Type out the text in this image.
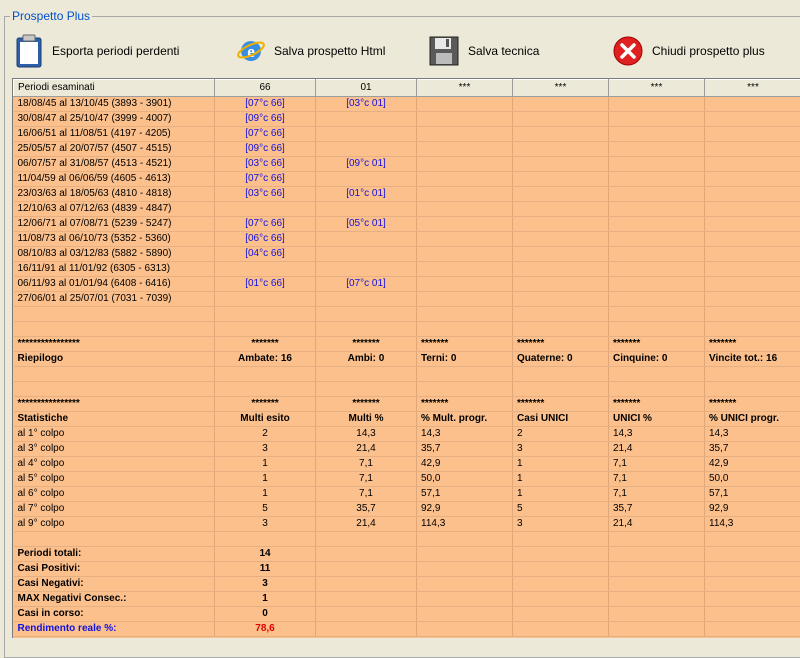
Prospetto Plus
Esporta periodi perdenti	e Salva prospetto Html	Salva tecnica	Chiudi prospetto plus
Periodi esaminati	66	01	***	***	***	***
18/08/45 al 13/10/45 (3893 - 3901)	[07°c 66]	[03°c 01]				
30/08/47 al 25/10/47 (3999 - 4007)	[09°c 66]					
16/06/51 al 11/08/51 (4197 - 4205)	[07°c 66]					
25/05/57 al 20/07/57 (4507 - 4515)	[09°c 66]					
06/07/57 al 31/08/57 (4513 - 4521)	[03°c 66]	[09°c 01]				
11/04/59 al 06/06/59 (4605 - 4613)	[07°c 66]					
23/03/63 al 18/05/63 (4810 - 4818)	[03°c 66]	[01°c 01]				
12/10/63 al 07/12/63 (4839 - 4847)						
12/06/71 al 07/08/71 (5239 - 5247)	[07°c 66]	[05°c 01]				
11/08/73 al 06/10/73 (5352 - 5360)	[06°c 66]					
08/10/83 al 03/12/83 (5882 - 5890)	[04°c 66]					
16/11/91 al 11/01/92 (6305 - 6313)						
06/11/93 al 01/01/94 (6408 - 6416)	[01°c 66]	[07°c 01]				
27/06/01 al 25/07/01 (7031 - 7039)						

****************	*******	*******	*******	*******	*******	*******
Riepilogo	Ambate: 16	Ambi: 0	Terni: 0	Quaterne: 0	Cinquine: 0	Vincite tot.: 16

****************	*******	*******	*******	*******	*******	*******
Statistiche	Multi esito	Multi %	% Mult. progr.	Casi UNICI	UNICI %	% UNICI progr.
al 1° colpo	2	14,3	14,3	2	14,3	14,3
al 3° colpo	3	21,4	35,7	3	21,4	35,7
al 4° colpo	1	7,1	42,9	1	7,1	42,9
al 5° colpo	1	7,1	50,0	1	7,1	50,0
al 6° colpo	1	7,1	57,1	1	7,1	57,1
al 7° colpo	5	35,7	92,9	5	35,7	92,9
al 9° colpo	3	21,4	114,3	3	21,4	114,3

Periodi totali:	14					
Casi Positivi:	11					
Casi Negativi:	3					
MAX Negativi Consec.:	1					
Casi in corso:	0					
Rendimento reale %:	78,6					
